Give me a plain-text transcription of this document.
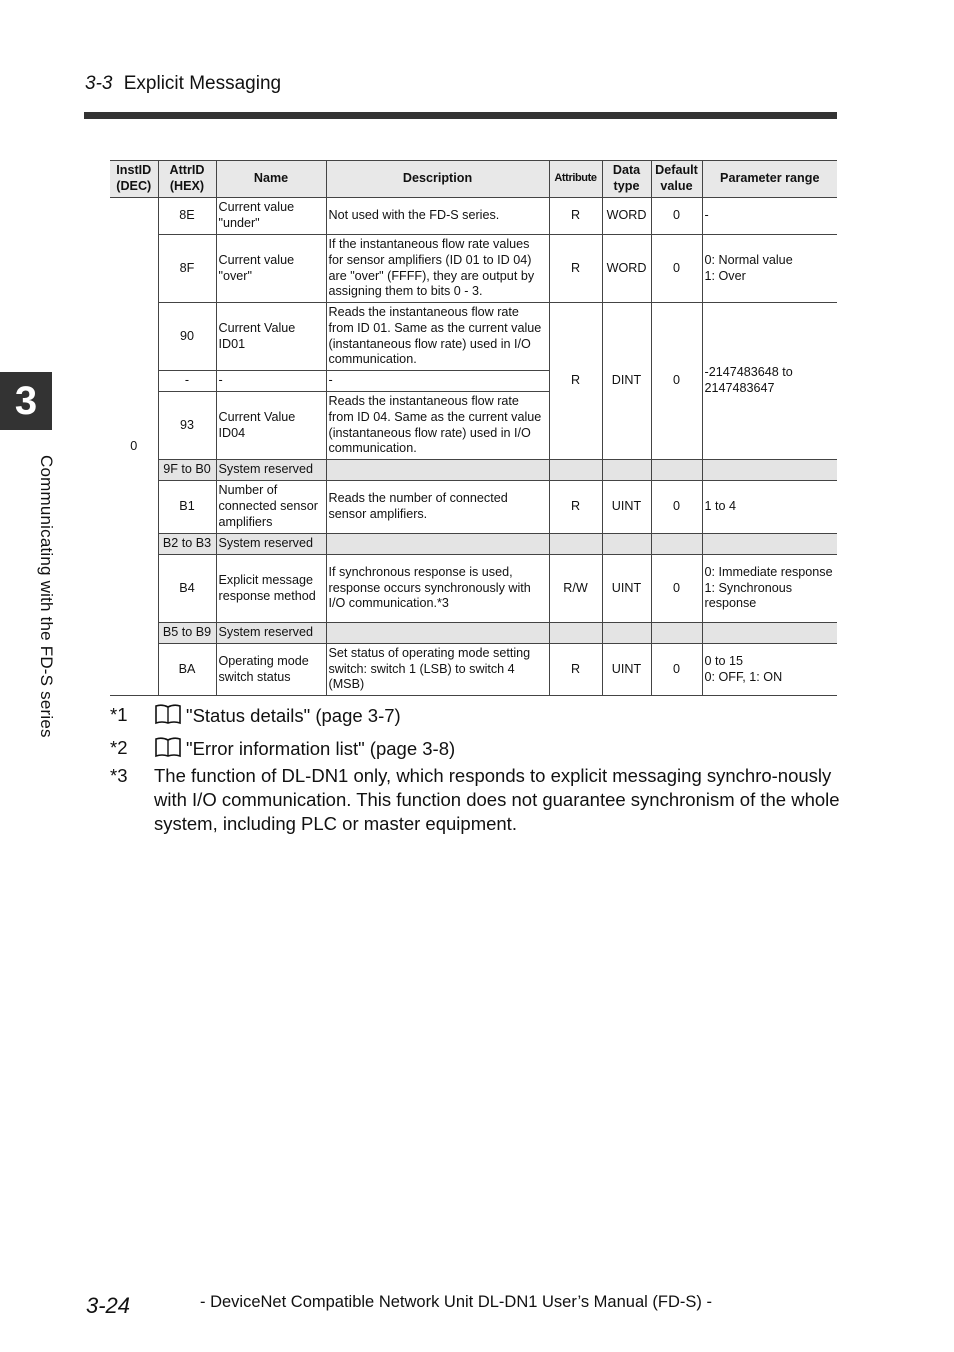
3-3 Explicit Messaging
3
Communicating with the FD-S series
InstID (DEC)	AttrID (HEX)	Name	Description	Attribute	Data type	Default value	Parameter range
0	8E	Current value "under"	Not used with the FD-S series.	R	WORD	0	-
	8F	Current value "over"	If the instantaneous flow rate values for sensor amplifiers (ID 01 to ID 04) are "over" (FFFF), they are output by assigning them to bits 0 - 3.	R	WORD	0	0: Normal value
1: Over
	90	Current Value ID01	Reads the instantaneous flow rate from ID 01. Same as the current value (instantaneous flow rate) used in I/O communication.	R	DINT	0	-2147483648 to 2147483647
	-	-	-				
	93	Current Value ID04	Reads the instantaneous flow rate from ID 04. Same as the current value (instantaneous flow rate) used in I/O communication.				
	9F to B0	System reserved					
	B1	Number of connected sensor amplifiers	Reads the number of connected sensor amplifiers.	R	UINT	0	1 to 4
	B2 to B3	System reserved					
	B4	Explicit message response method	If synchronous response is used, response occurs synchronously with I/O communication.*3	R/W	UINT	0	0: Immediate response
1: Synchronous response
	B5 to B9	System reserved					
	BA	Operating mode switch status	Set status of operating mode setting switch: switch 1 (LSB) to switch 4 (MSB)	R	UINT	0	0 to 15
0: OFF, 1: ON
*1	"Status details" (page 3-7)
*2	"Error information list" (page 3-8)
*3	The function of DL-DN1 only, which responds to explicit messaging synchro-nously with I/O communication. This function does not guarantee synchronism of the whole system, including PLC or master equipment.
3-24	- DeviceNet Compatible Network Unit DL-DN1 User’s Manual (FD-S) -
